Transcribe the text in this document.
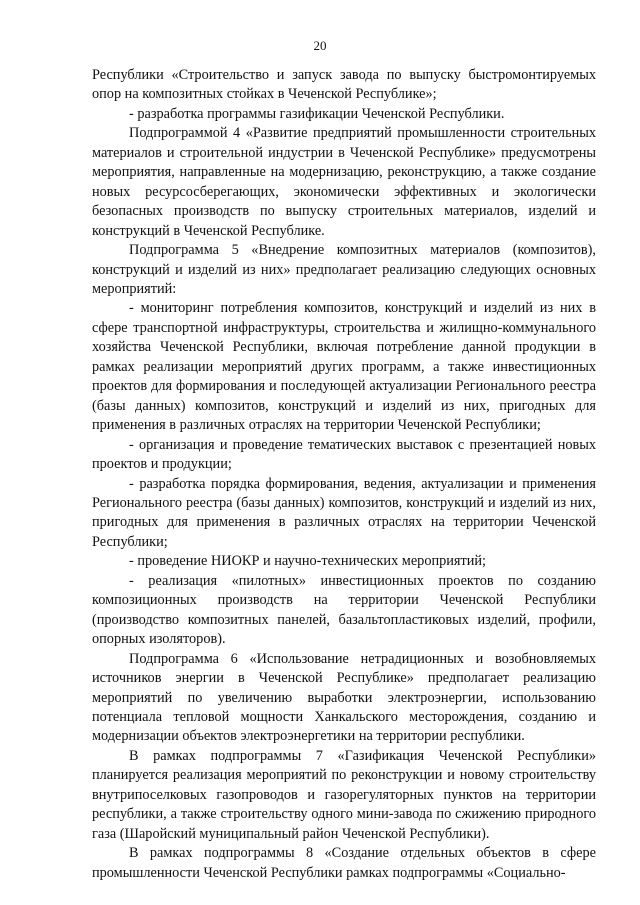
20

Республики «Строительство и запуск завода по выпуску быстромонтируемых опор на композитных стойках в Чеченской Республике»;

- разработка программы газификации Чеченской Республики.

Подпрограммой 4 «Развитие предприятий промышленности строительных материалов и строительной индустрии в Чеченской Республике» предусмотрены мероприятия, направленные на модернизацию, реконструкцию, а также создание новых ресурсосберегающих, экономически эффективных и экологически безопасных производств по выпуску строительных материалов, изделий и конструкций в Чеченской Республике.

Подпрограмма 5 «Внедрение композитных материалов (композитов), конструкций и изделий из них» предполагает реализацию следующих основных мероприятий:

- мониторинг потребления композитов, конструкций и изделий из них в сфере транспортной инфраструктуры, строительства и жилищно-коммунального хозяйства Чеченской Республики, включая потребление данной продукции в рамках реализации мероприятий других программ, а также инвестиционных проектов для формирования и последующей актуализации Регионального реестра (базы данных) композитов, конструкций и изделий из них, пригодных для применения в различных отраслях на территории Чеченской Республики;

- организация и проведение тематических выставок с презентацией новых проектов и продукции;

- разработка порядка формирования, ведения, актуализации и применения Регионального реестра (базы данных) композитов, конструкций и изделий из них, пригодных для применения в различных отраслях на территории Чеченской Республики;

- проведение НИОКР и научно-технических мероприятий;

- реализация «пилотных» инвестиционных проектов по созданию композиционных производств на территории Чеченской Республики (производство композитных панелей, базальтопластиковых изделий, профили, опорных изоляторов).

Подпрограмма 6 «Использование нетрадиционных и возобновляемых источников энергии в Чеченской Республике» предполагает реализацию мероприятий по увеличению выработки электроэнергии, использованию потенциала тепловой мощности Ханкальского месторождения, созданию и модернизации объектов электроэнергетики на территории республики.

В рамках подпрограммы 7 «Газификация Чеченской Республики» планируется реализация мероприятий по реконструкции и новому строительству внутрипоселковых газопроводов и газорегуляторных пунктов на территории республики, а также строительству одного мини-завода по сжижению природного газа (Шаройский муниципальный район Чеченской Республики).

В рамках подпрограммы 8 «Создание отдельных объектов в сфере промышленности Чеченской Республики рамках подпрограммы «Социально-
